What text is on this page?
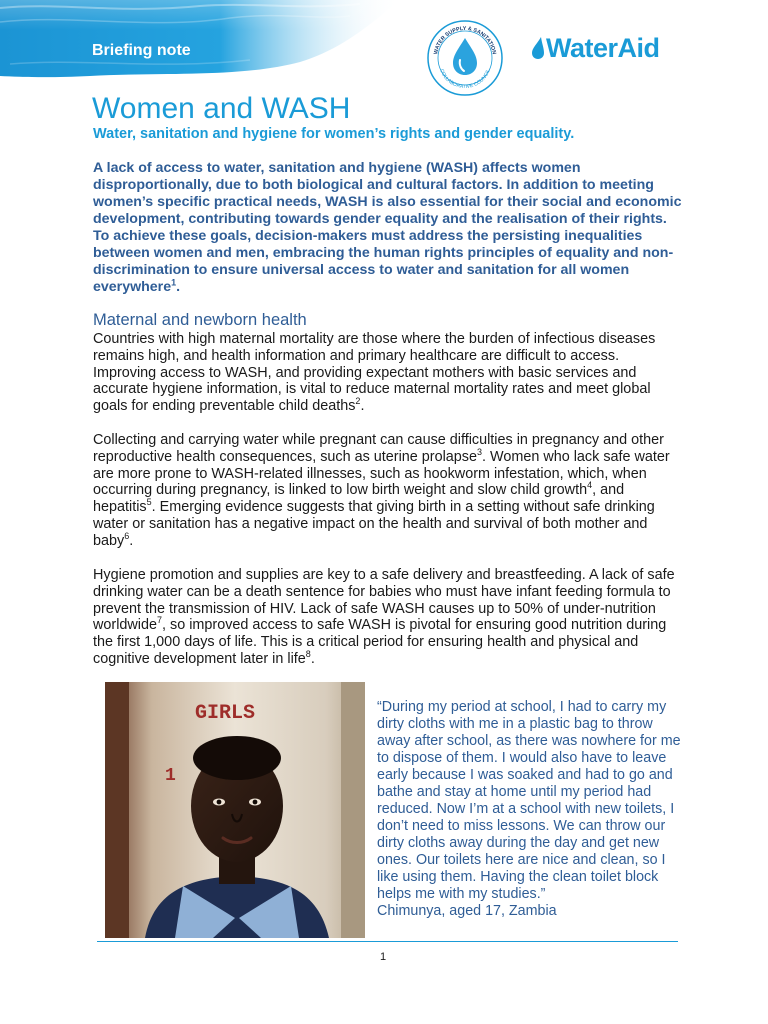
Briefing note	WATER SUPPLY & SANITATION
COLLABORATIVE COUNCIL
WaterAid
Women and WASH
Water, sanitation and hygiene for women’s rights and gender equality.

A lack of access to water, sanitation and hygiene (WASH) affects women disproportionally, due to both biological and cultural factors. In addition to meeting women’s specific practical needs, WASH is also essential for their social and economic development, contributing towards gender equality and the realisation of their rights. To achieve these goals, decision-makers must address the persisting inequalities between women and men, embracing the human rights principles of equality and non-discrimination to ensure universal access to water and sanitation for all women everywhere$^1$.

Maternal and newborn health

Countries with high maternal mortality are those where the burden of infectious diseases remains high, and health information and primary healthcare are difficult to access. Improving access to WASH, and providing expectant mothers with basic services and accurate hygiene information, is vital to reduce maternal mortality rates and meet global goals for ending preventable child deaths$^2$.

Collecting and carrying water while pregnant can cause difficulties in pregnancy and other reproductive health consequences, such as uterine prolapse$^3$. Women who lack safe water are more prone to WASH-related illnesses, such as hookworm infestation, which, when occurring during pregnancy, is linked to low birth weight and slow child growth$^4$, and hepatitis$^5$. Emerging evidence suggests that giving birth in a setting without safe drinking water or sanitation has a negative impact on the health and survival of both mother and baby$^6$.

Hygiene promotion and supplies are key to a safe delivery and breastfeeding. A lack of safe drinking water can be a death sentence for babies who must have infant feeding formula to prevent the transmission of HIV. Lack of safe WASH causes up to 50% of under-nutrition worldwide$^7$, so improved access to safe WASH is pivotal for ensuring good nutrition during the first 1,000 days of life. This is a critical period for ensuring health and physical and cognitive development later in life$^8$.

GIRLS
1

“During my period at school, I had to carry my dirty cloths with me in a plastic bag to throw away after school, as there was nowhere for me to dispose of them. I would also have to leave early because I was soaked and had to go and bathe and stay at home until my period had reduced. Now I’m at a school with new toilets, I don’t need to miss lessons. We can throw our dirty cloths away during the day and get new ones. Our toilets here are nice and clean, so I like using them. Having the clean toilet block helps me with my studies.”
Chimunya, aged 17, Zambia

1
